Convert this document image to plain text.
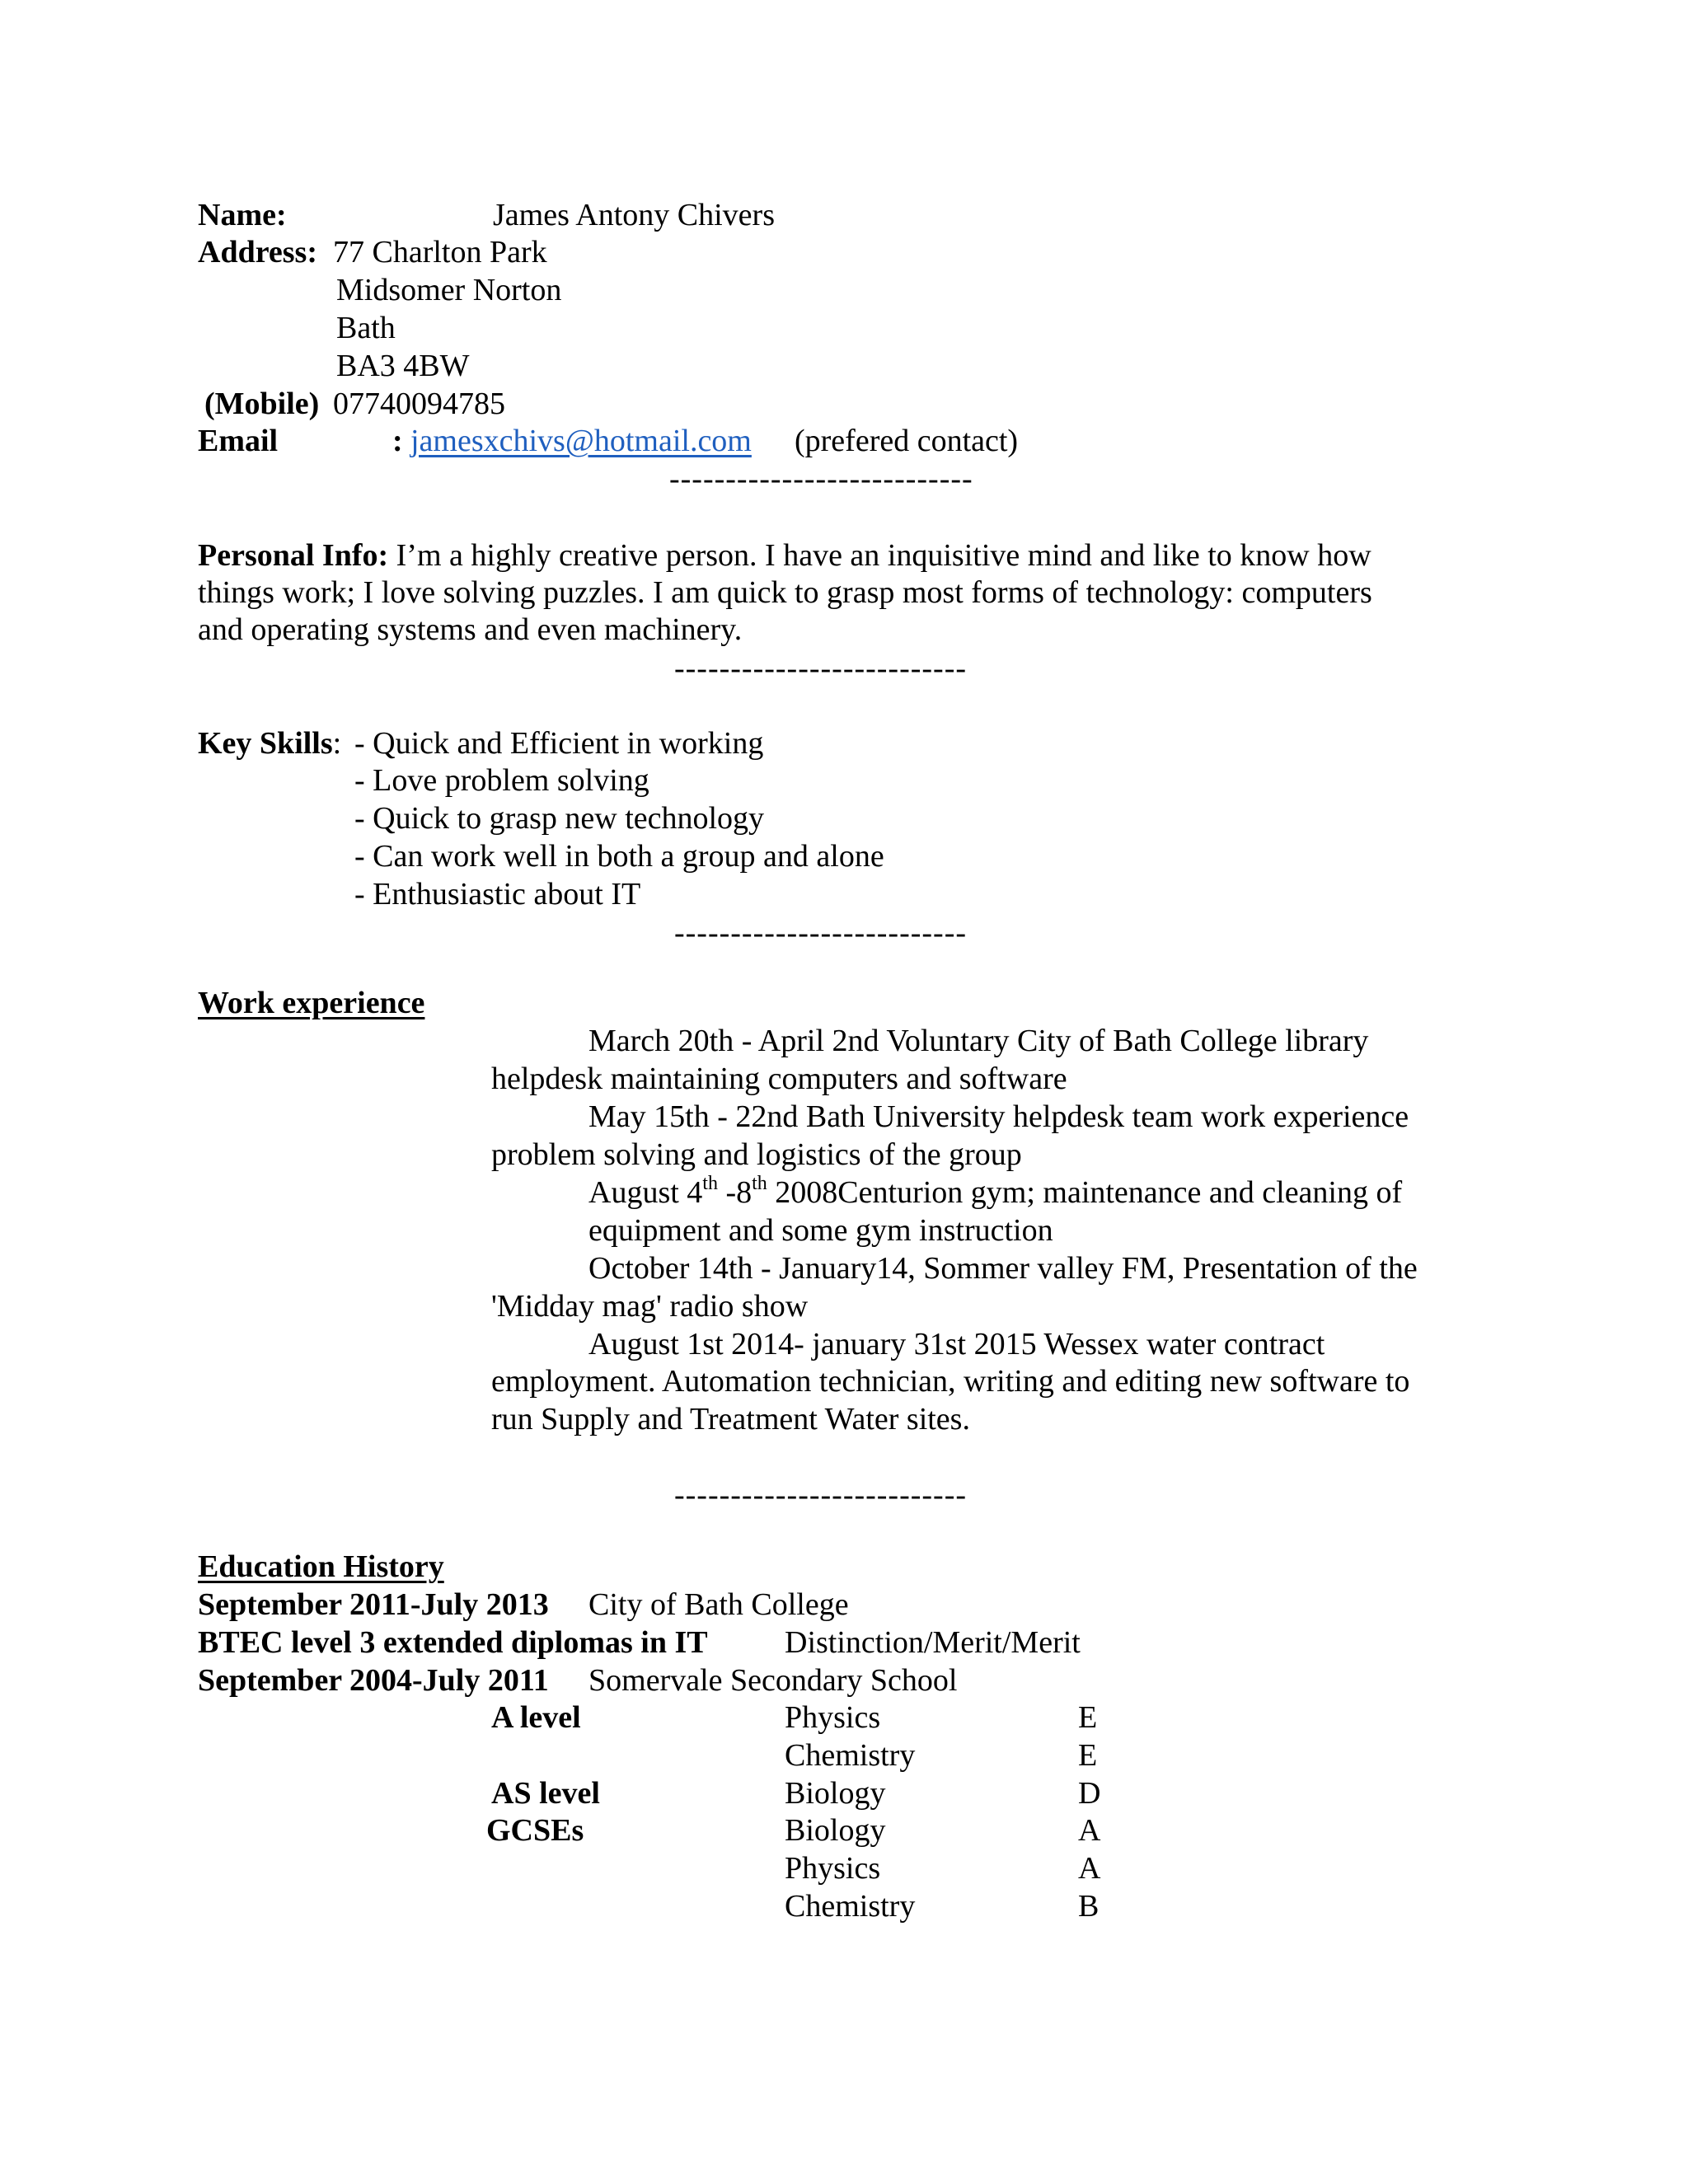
Name:	James Antony Chivers
Address: 77 Charlton Park
Midsomer Norton
Bath
BA3 4BW
(Mobile) 07740094785
Email	: jamesxchivs@hotmail.com (prefered contact)
---------------------------
Personal Info: I’m a highly creative person. I have an inquisitive mind and like to know how
things work; I love solving puzzles. I am quick to grasp most forms of technology: computers
and operating systems and even machinery.
--------------------------
Key Skills: - Quick and Efficient in working
- Love problem solving
- Quick to grasp new technology
- Can work well in both a group and alone
- Enthusiastic about IT
--------------------------
Work experience
March 20th - April 2nd Voluntary City of Bath College library
helpdesk maintaining computers and software
May 15th - 22nd Bath University helpdesk team work experience
problem solving and logistics of the group
August 4th -8th 2008Centurion gym; maintenance and cleaning of
equipment and some gym instruction
October 14th - January14, Sommer valley FM, Presentation of the
'Midday mag' radio show
August 1st 2014- january 31st 2015 Wessex water contract
employment. Automation technician, writing and editing new software to
run Supply and Treatment Water sites.
--------------------------
Education History
September 2011-July 2013 City of Bath College
BTEC level 3 extended diplomas in IT Distinction/Merit/Merit
September 2004-July 2011 Somervale Secondary School
A level	Physics	E
Chemistry	E
AS level	Biology	D
GCSEs	Biology	A
Physics	A
Chemistry	B
